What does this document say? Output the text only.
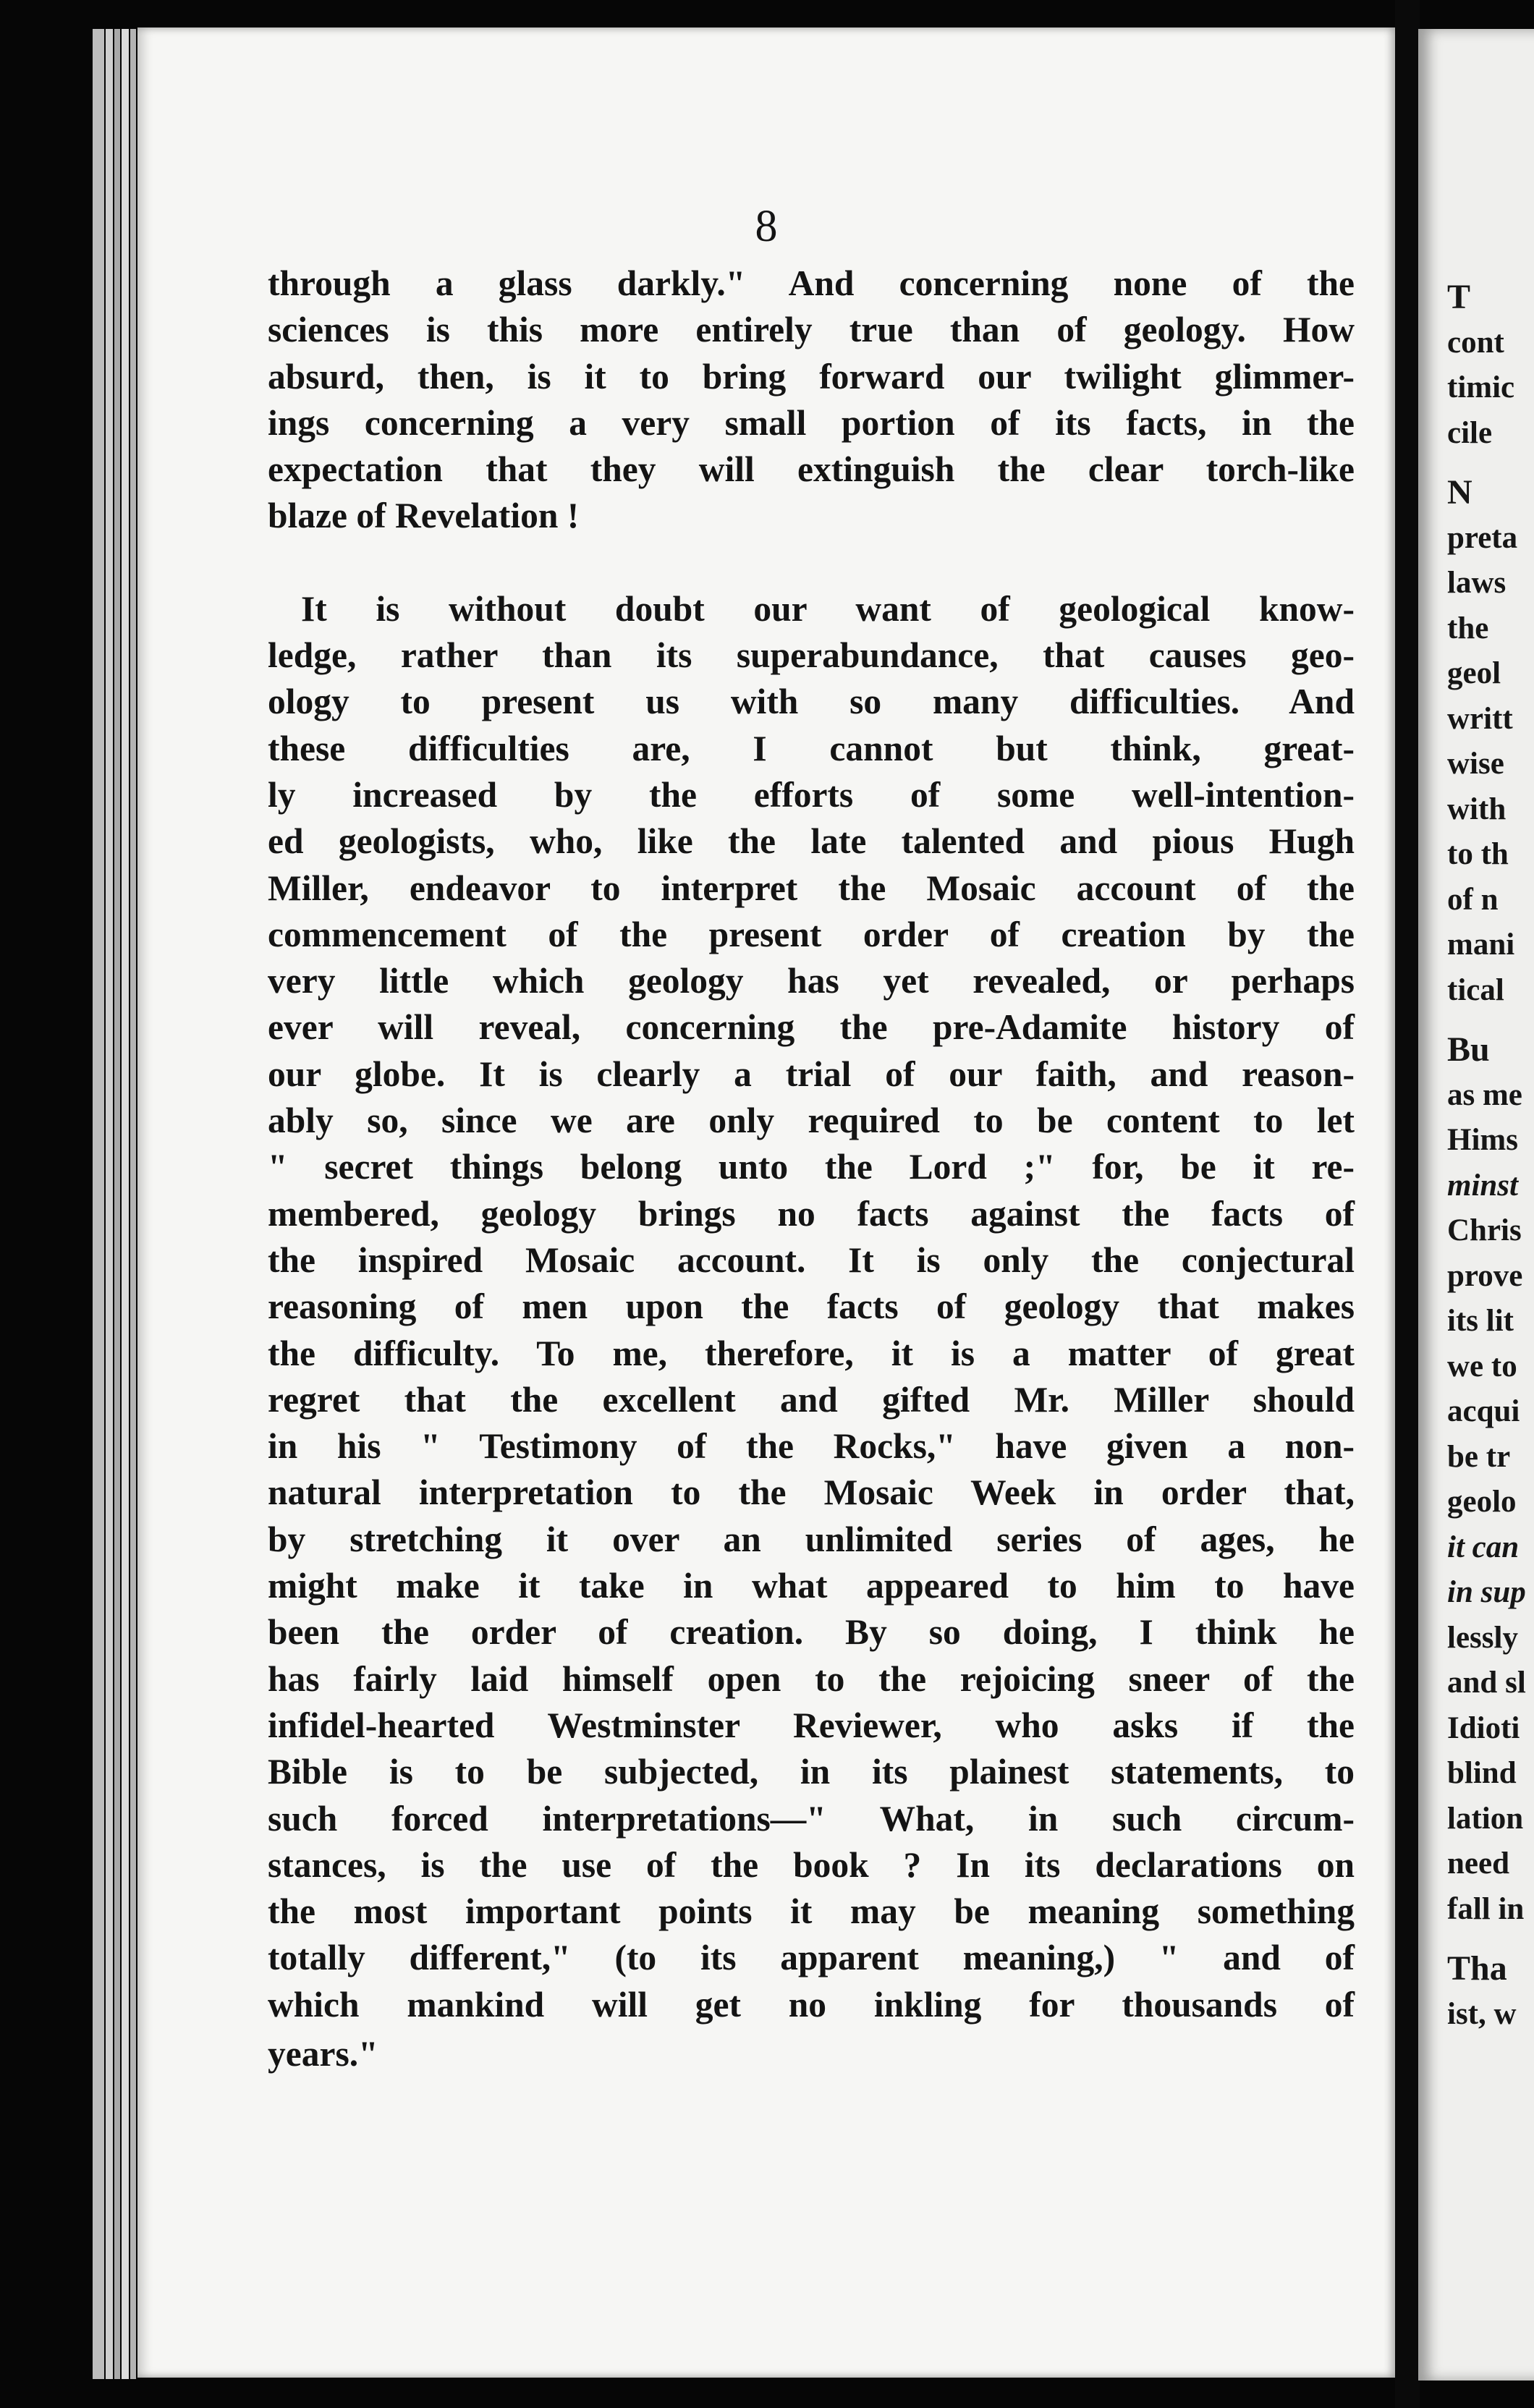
8

through a glass darkly." And concerning none of the
sciences is this more entirely true than of geology. How
absurd, then, is it to bring forward our twilight glimmer-
ings concerning a very small portion of its facts, in the
expectation that they will extinguish the clear torch-like
blaze of Revelation !

It is without doubt our want of geological know-
ledge, rather than its superabundance, that causes geo-
ology to present us with so many difficulties. And
these difficulties are, I cannot but think, great-
ly increased by the efforts of some well-intention-
ed geologists, who, like the late talented and pious Hugh
Miller, endeavor to interpret the Mosaic account of the
commencement of the present order of creation by the
very little which geology has yet revealed, or perhaps
ever will reveal, concerning the pre-Adamite history of
our globe. It is clearly a trial of our faith, and reason-
ably so, since we are only required to be content to let
" secret things belong unto the Lord ;" for, be it re-
membered, geology brings no facts against the facts of
the inspired Mosaic account. It is only the conjectural
reasoning of men upon the facts of geology that makes
the difficulty. To me, therefore, it is a matter of great
regret that the excellent and gifted Mr. Miller should
in his " Testimony of the Rocks," have given a non-
natural interpretation to the Mosaic Week in order that,
by stretching it over an unlimited series of ages, he
might make it take in what appeared to him to have
been the order of creation. By so doing, I think he
has fairly laid himself open to the rejoicing sneer of the
infidel-hearted Westminster Reviewer, who asks if the
Bible is to be subjected, in its plainest statements, to
such forced interpretations—" What, in such circum-
stances, is the use of the book ? In its declarations on
the most important points it may be meaning something
totally different," (to its apparent meaning,) " and of
which mankind will get no inkling for thousands of

years."

T
cont
timic
cile
N
preta
laws
the
geol
writt
wise
with
to th
of n
mani
tical
Bu
as me
Hims
minst
Chris
prove
its lit
we to
acqui
be tr
geolo
it can
in sup
lessly
and sl
Idioti
blind
lation
need
fall in
Tha
ist, w
